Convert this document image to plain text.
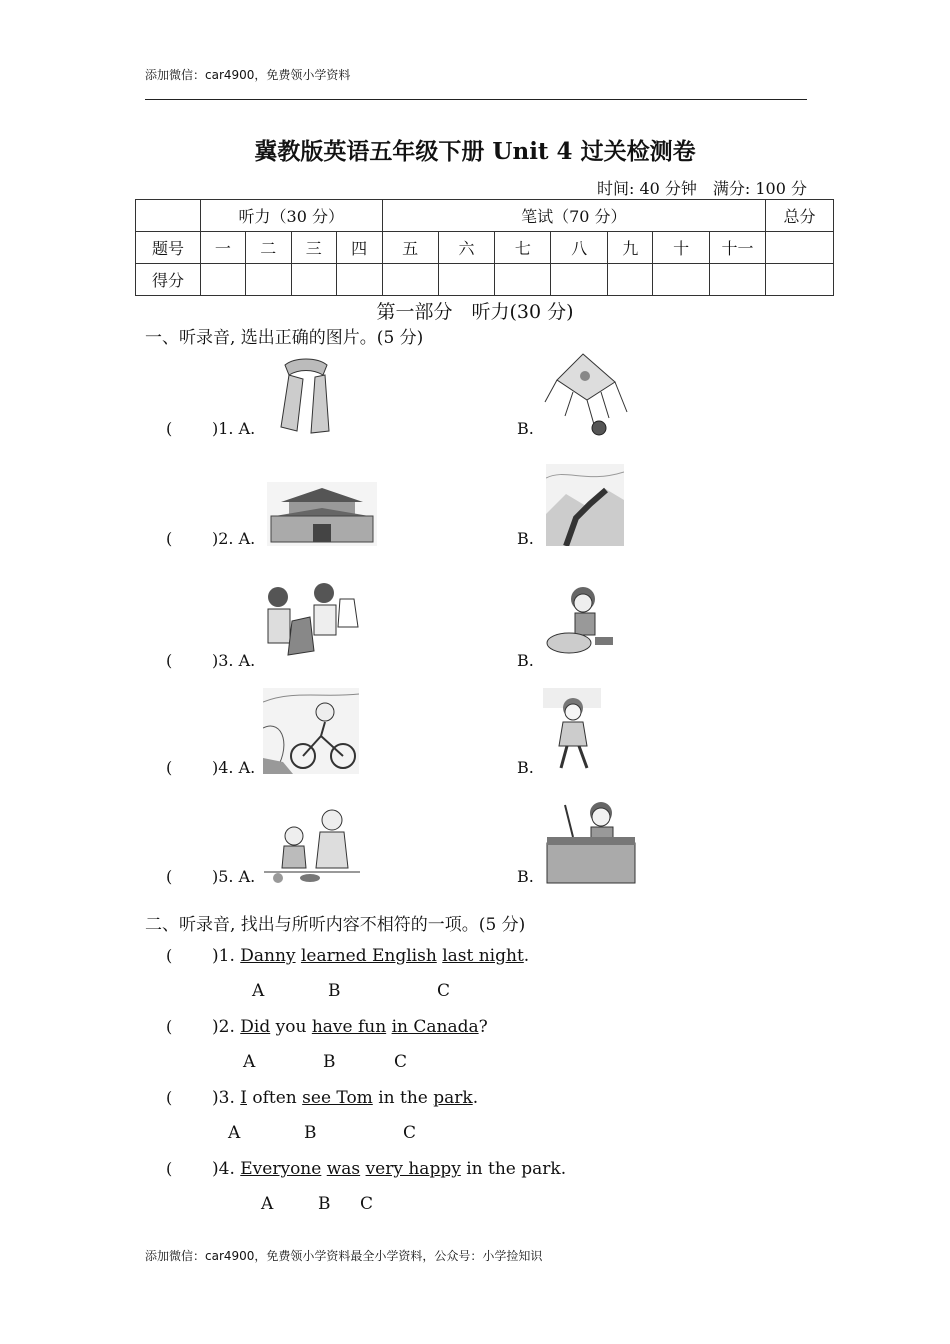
添加微信：car4900，免费领小学资料
冀教版英语五年级下册 Unit 4 过关检测卷
时间: 40 分钟　满分: 100 分
	听力（30 分）				笔试（70 分）							总分
题号	一	二	三	四	五	六	七	八	九	十	十一	
得分												
第一部分　听力(30 分)
一、听录音, 选出正确的图片。(5 分)
( )1. A.	B.
( )2. A.	B.
( )3. A.	B.
( )4. A.	B.
( )5. A.	B.
二、听录音, 找出与所听内容不相符的一项。(5 分)
( )1. Danny learned English last night.
A	B	C
( )2. Did you have fun in Canada?
A	B	C
( )3. I often see Tom in the park.
A	B	C
( )4. Everyone was very happy in the park.
A	B C
添加微信：car4900，免费领小学资料最全小学资料，公众号：小学捡知识
